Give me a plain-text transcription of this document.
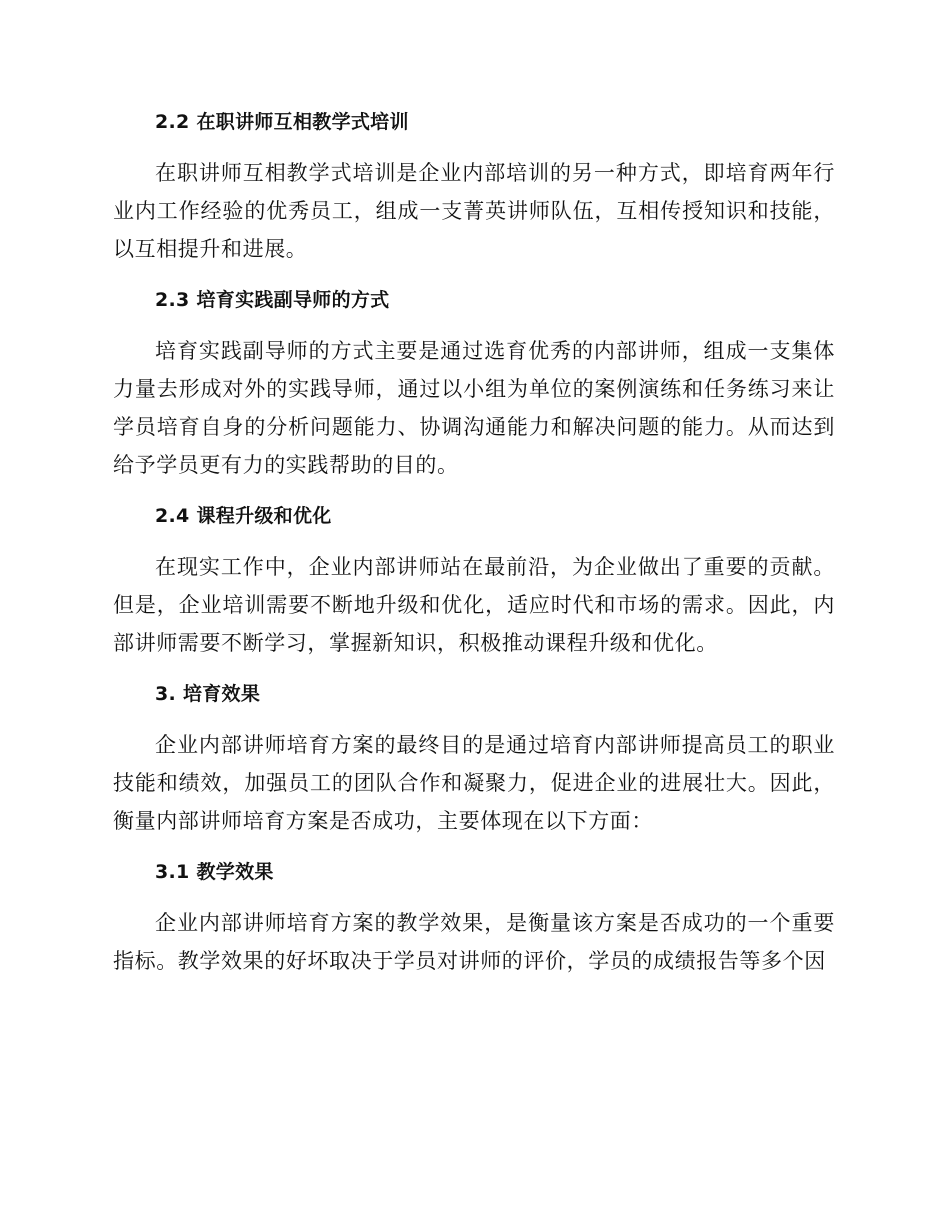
2.2 在职讲师互相教学式培训

在职讲师互相教学式培训是企业内部培训的另一种方式，即培育两年行业内工作经验的优秀员工，组成一支菁英讲师队伍，互相传授知识和技能，以互相提升和进展。

2.3 培育实践副导师的方式

培育实践副导师的方式主要是通过选育优秀的内部讲师，组成一支集体力量去形成对外的实践导师，通过以小组为单位的案例演练和任务练习来让学员培育自身的分析问题能力、协调沟通能力和解决问题的能力。从而达到给予学员更有力的实践帮助的目的。

2.4 课程升级和优化

在现实工作中，企业内部讲师站在最前沿，为企业做出了重要的贡献。但是，企业培训需要不断地升级和优化，适应时代和市场的需求。因此，内部讲师需要不断学习，掌握新知识，积极推动课程升级和优化。

3. 培育效果

企业内部讲师培育方案的最终目的是通过培育内部讲师提高员工的职业技能和绩效，加强员工的团队合作和凝聚力，促进企业的进展壮大。因此，衡量内部讲师培育方案是否成功，主要体现在以下方面：

3.1 教学效果

企业内部讲师培育方案的教学效果，是衡量该方案是否成功的一个重要指标。教学效果的好坏取决于学员对讲师的评价，学员的成绩报告等多个因
